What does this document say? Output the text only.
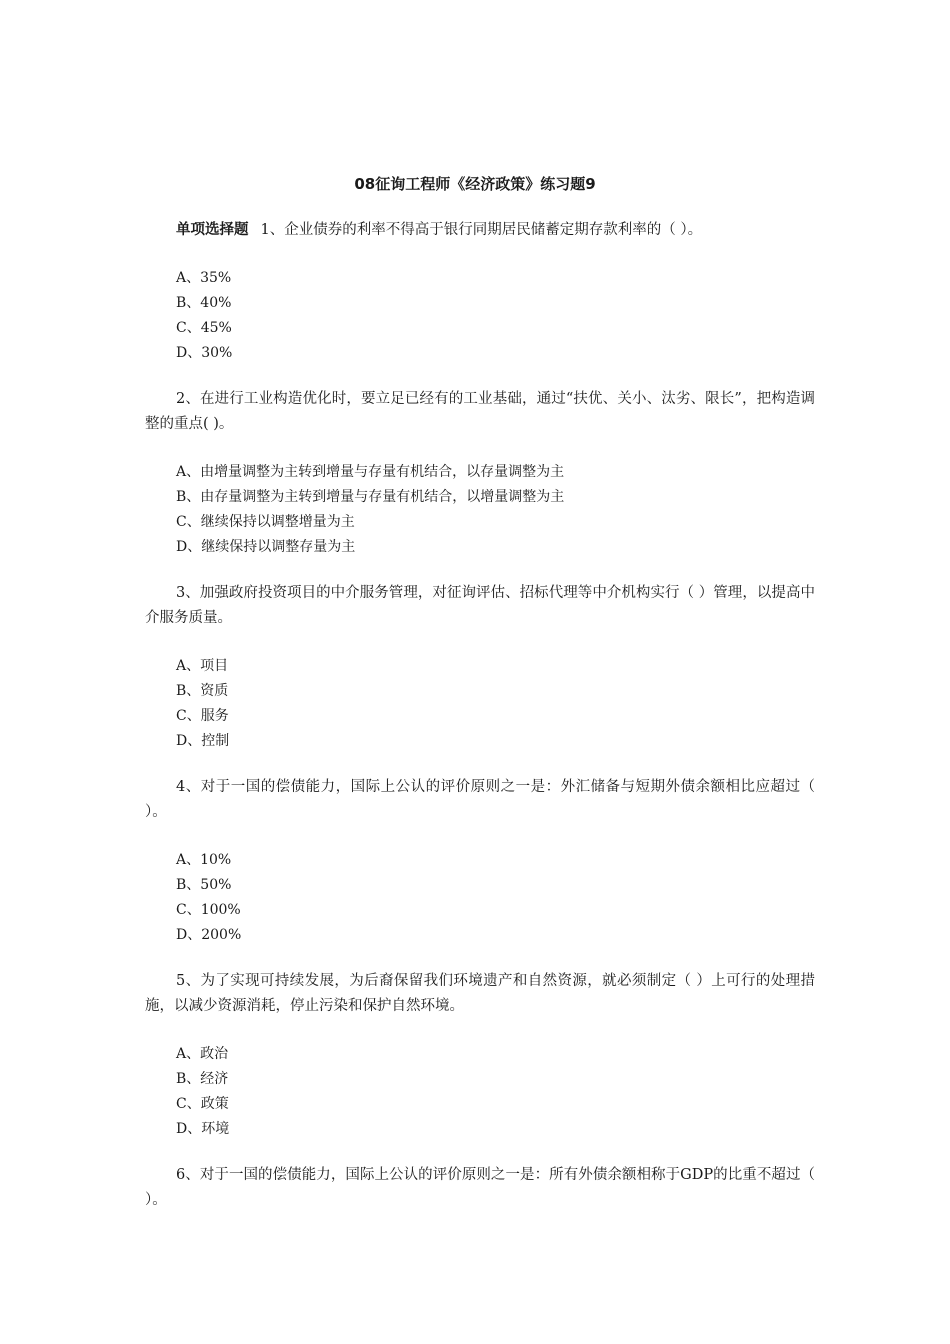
08征询工程师《经济政策》练习题9

单项选择题 1、企业债券的利率不得高于银行同期居民储蓄定期存款利率的（ ）。

A、35%
B、40%
C、45%
D、30%

2、在进行工业构造优化时，要立足已经有的工业基础，通过“扶优、关小、汰劣、限长”，把构造调整的重点( )。

A、由增量调整为主转到增量与存量有机结合，以存量调整为主
B、由存量调整为主转到增量与存量有机结合，以增量调整为主
C、继续保持以调整增量为主
D、继续保持以调整存量为主

3、加强政府投资项目的中介服务管理，对征询评估、招标代理等中介机构实行（ ）管理，以提高中介服务质量。

A、项目
B、资质
C、服务
D、控制

4、对于一国的偿债能力，国际上公认的评价原则之一是：外汇储备与短期外债余额相比应超过（ ）。

A、10%
B、50%
C、100%
D、200%

5、为了实现可持续发展，为后裔保留我们环境遗产和自然资源，就必须制定（ ）上可行的处理措施，以减少资源消耗，停止污染和保护自然环境。

A、政治
B、经济
C、政策
D、环境

6、对于一国的偿债能力，国际上公认的评价原则之一是：所有外债余额相称于GDP的比重不超过（ ）。
